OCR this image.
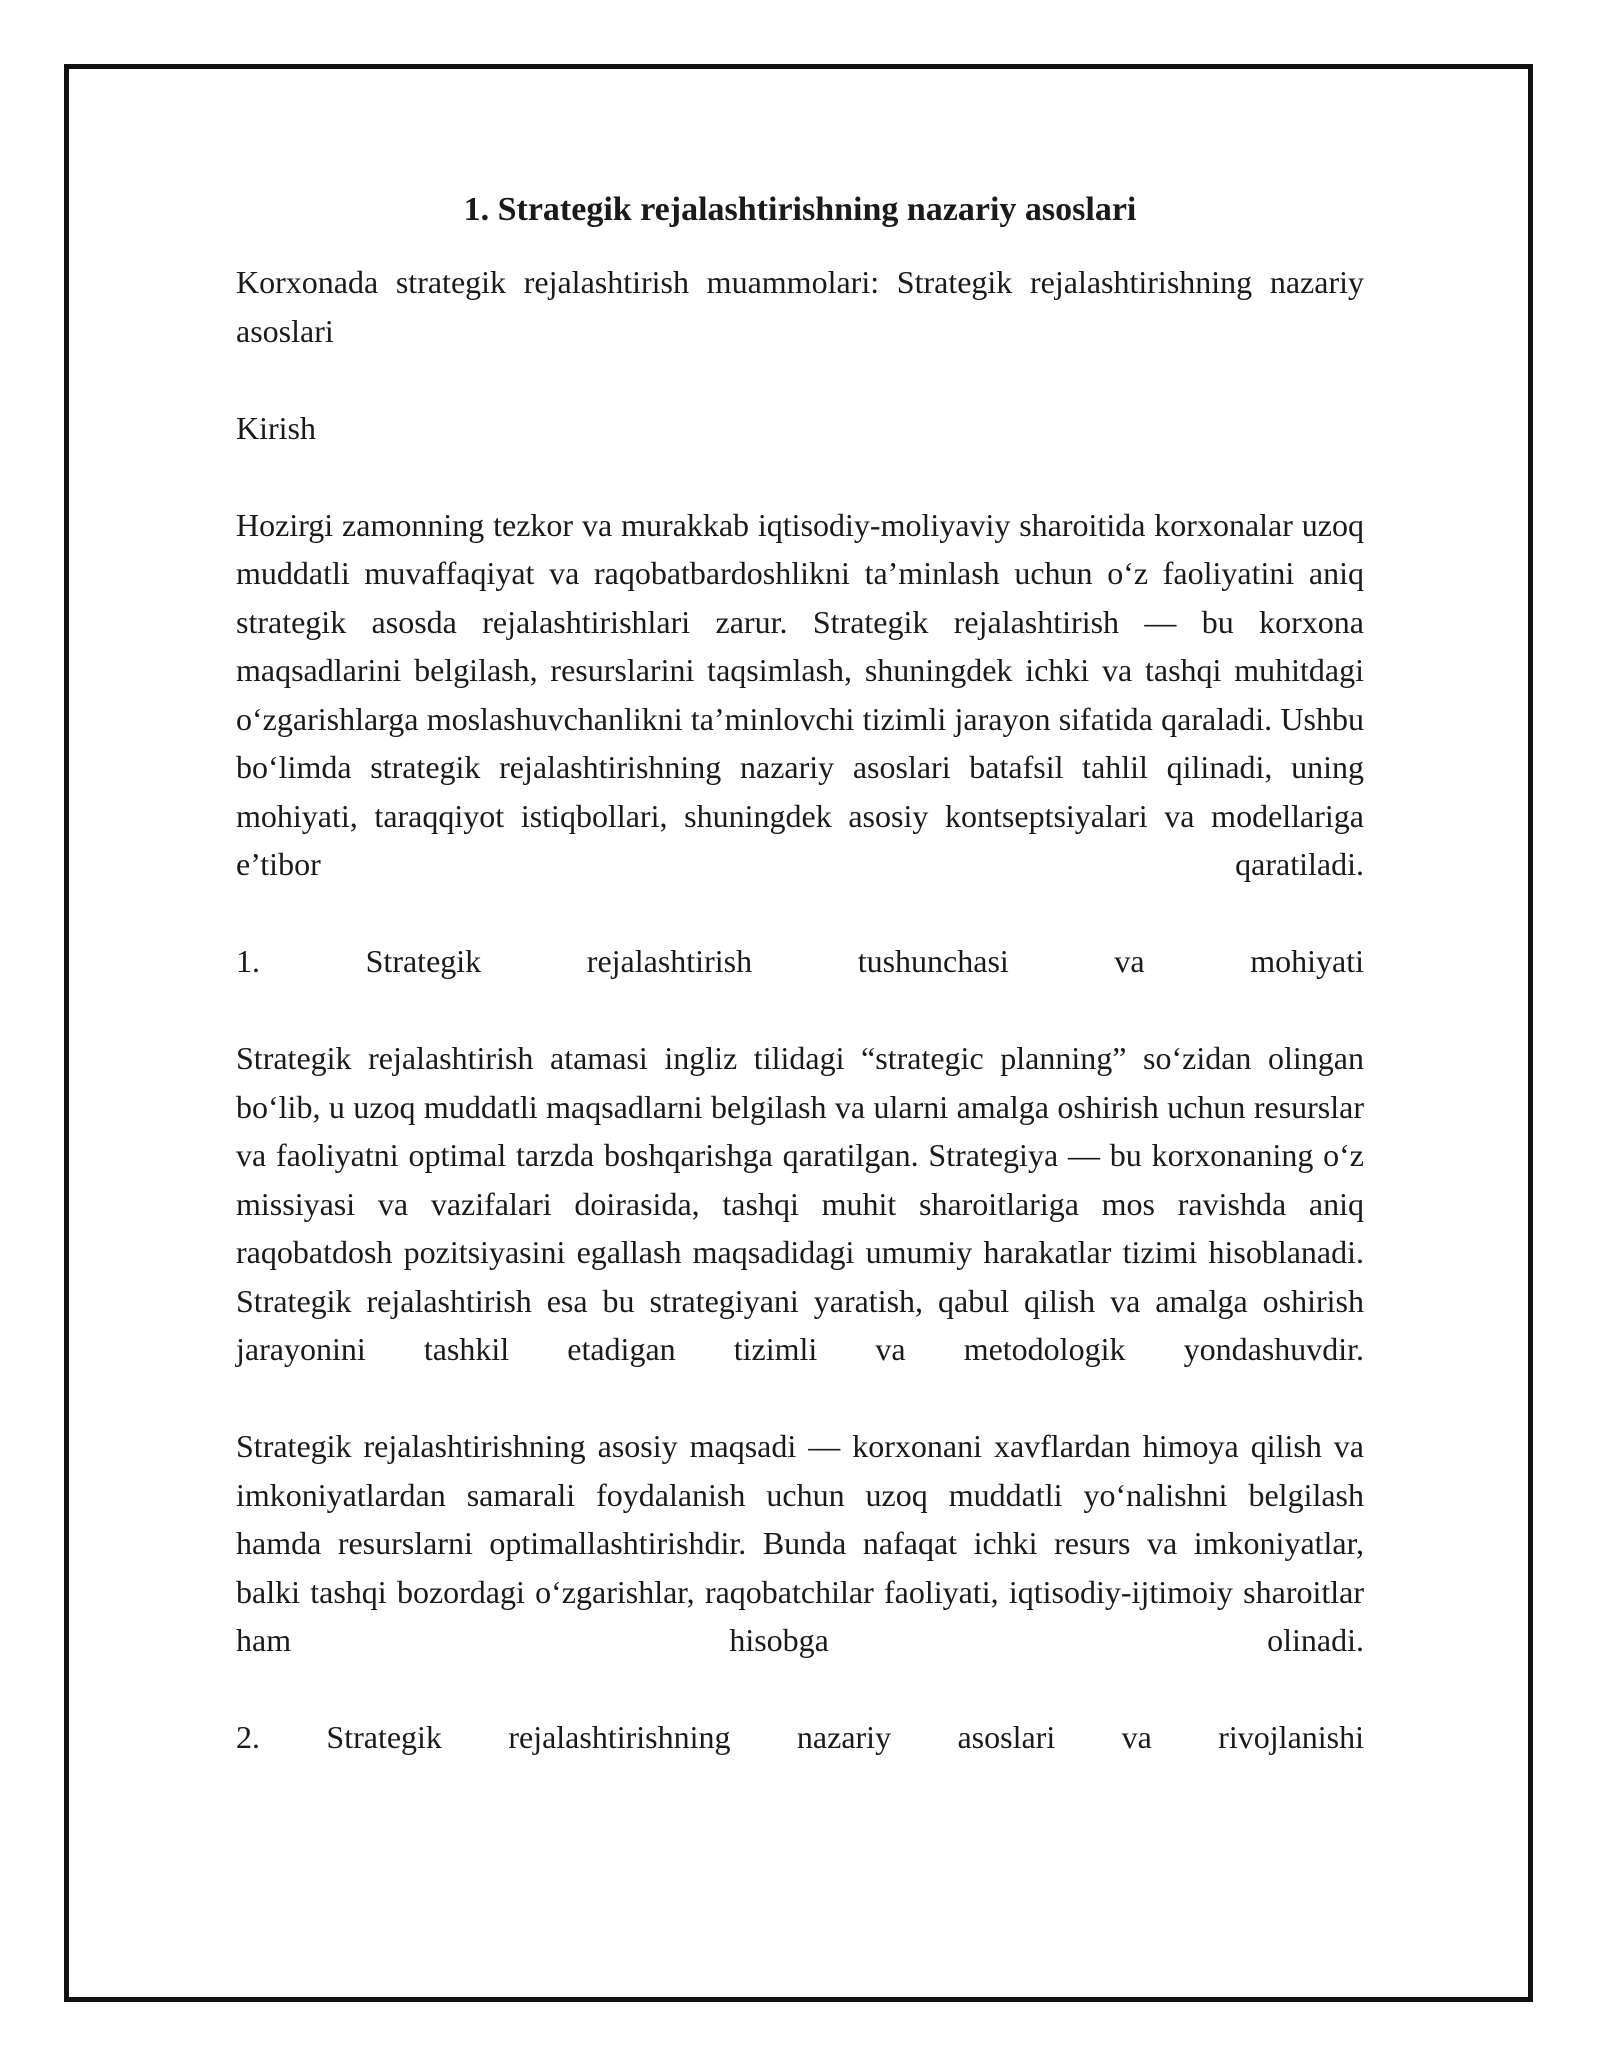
1. Strategik rejalashtirishning nazariy asoslari

Korxonada strategik rejalashtirish muammolari: Strategik rejalashtirishning nazariy asoslari

Kirish

Hozirgi zamonning tezkor va murakkab iqtisodiy-moliyaviy sharoitida korxonalar uzoq muddatli muvaffaqiyat va raqobatbardoshlikni ta’minlash uchun o‘z faoliyatini aniq strategik asosda rejalashtirishlari zarur. Strategik rejalashtirish — bu korxona maqsadlarini belgilash, resurslarini taqsimlash, shuningdek ichki va tashqi muhitdagi o‘zgarishlarga moslashuvchanlikni ta’minlovchi tizimli jarayon sifatida qaraladi. Ushbu bo‘limda strategik rejalashtirishning nazariy asoslari batafsil tahlil qilinadi, uning mohiyati, taraqqiyot istiqbollari, shuningdek asosiy kontseptsiyalari va modellariga e’tibor qaratiladi.

1. Strategik rejalashtirish tushunchasi va mohiyati

Strategik rejalashtirish atamasi ingliz tilidagi “strategic planning” so‘zidan olingan bo‘lib, u uzoq muddatli maqsadlarni belgilash va ularni amalga oshirish uchun resurslar va faoliyatni optimal tarzda boshqarishga qaratilgan. Strategiya — bu korxonaning o‘z missiyasi va vazifalari doirasida, tashqi muhit sharoitlariga mos ravishda aniq raqobatdosh pozitsiyasini egallash maqsadidagi umumiy harakatlar tizimi hisoblanadi. Strategik rejalashtirish esa bu strategiyani yaratish, qabul qilish va amalga oshirish jarayonini tashkil etadigan tizimli va metodologik yondashuvdir.

Strategik rejalashtirishning asosiy maqsadi — korxonani xavflardan himoya qilish va imkoniyatlardan samarali foydalanish uchun uzoq muddatli yo‘nalishni belgilash hamda resurslarni optimallashtirishdir. Bunda nafaqat ichki resurs va imkoniyatlar, balki tashqi bozordagi o‘zgarishlar, raqobatchilar faoliyati, iqtisodiy-ijtimoiy sharoitlar ham hisobga olinadi.

2. Strategik rejalashtirishning nazariy asoslari va rivojlanishi
